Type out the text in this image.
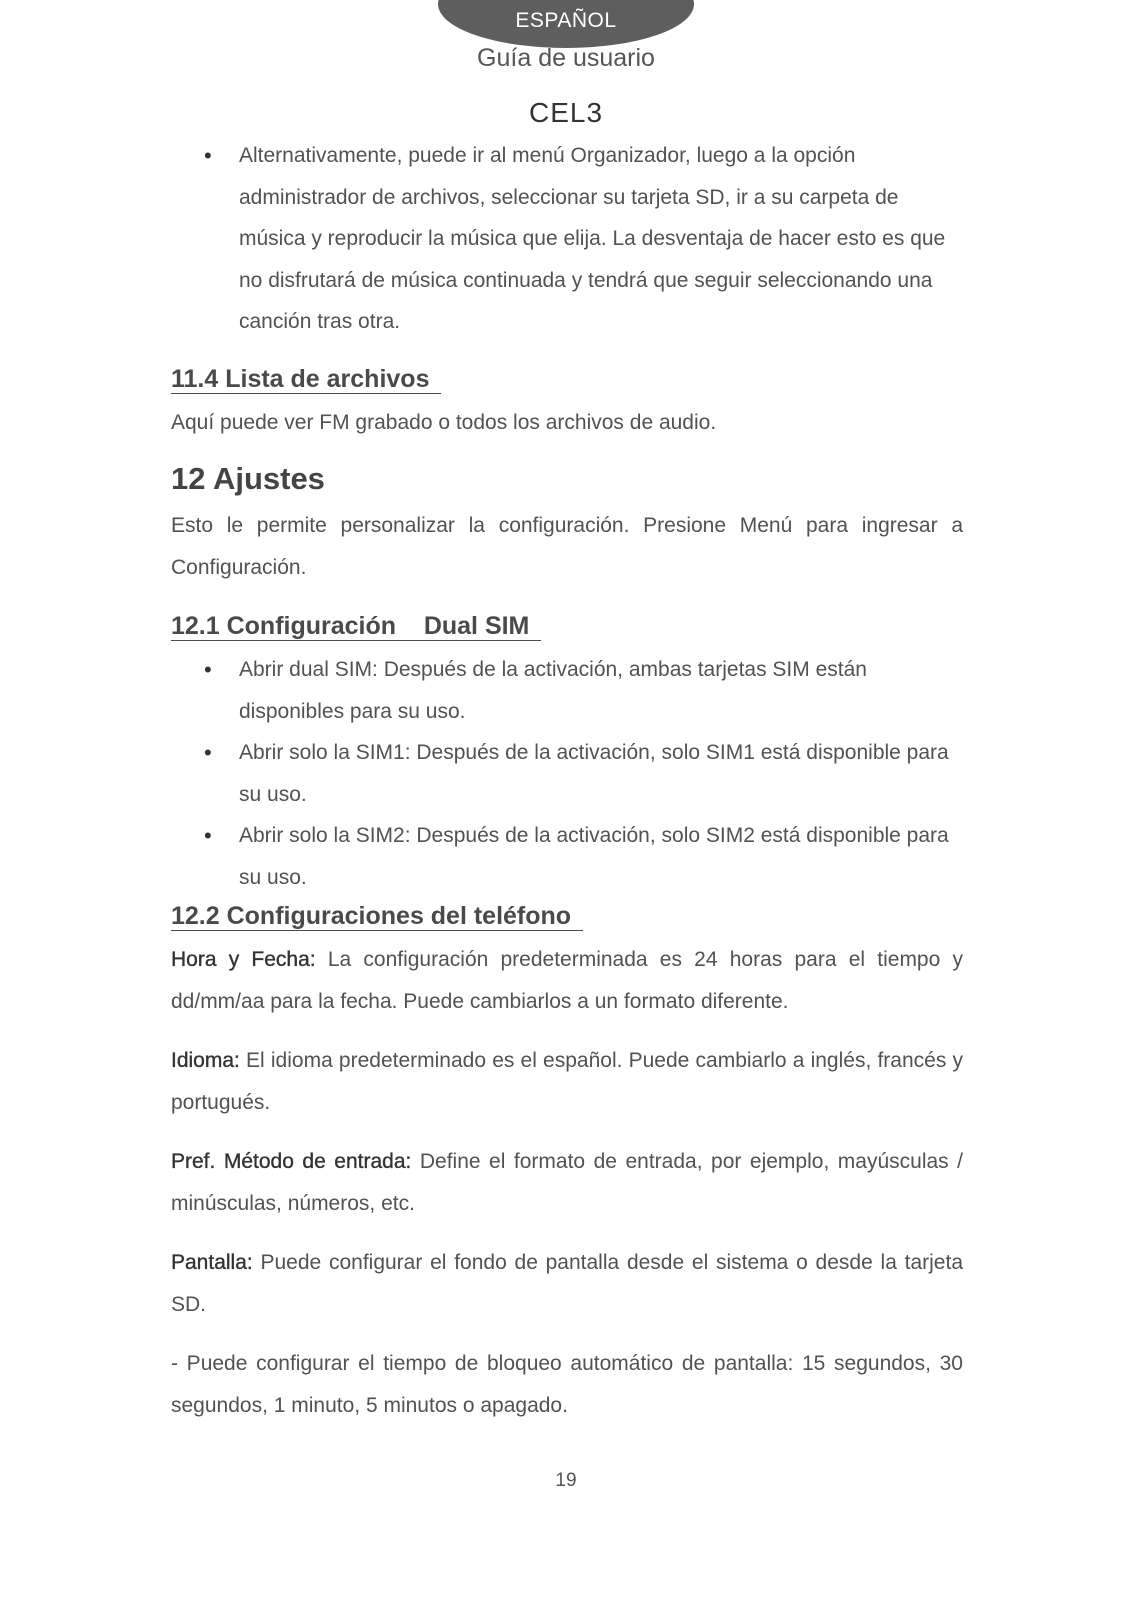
ESPAÑOL
Guía de usuario
CEL3
• Alternativamente, puede ir al menú Organizador, luego a la opción administrador de archivos, seleccionar su tarjeta SD, ir a su carpeta de música y reproducir la música que elija. La desventaja de hacer esto es que no disfrutará de música continuada y tendrá que seguir seleccionando una canción tras otra.
11.4 Lista de archivos

Aquí puede ver FM grabado o todos los archivos de audio.

12 Ajustes

Esto le permite personalizar la configuración. Presione Menú para ingresar a Configuración.

12.1 Configuración    Dual SIM
• Abrir dual SIM: Después de la activación, ambas tarjetas SIM están disponibles para su uso.
• Abrir solo la SIM1: Después de la activación, solo SIM1 está disponible para su uso.
• Abrir solo la SIM2: Después de la activación, solo SIM2 está disponible para su uso.
12.2 Configuraciones del teléfono

Hora y Fecha: La configuración predeterminada es 24 horas para el tiempo y dd/mm/aa para la fecha. Puede cambiarlos a un formato diferente.

Idioma: El idioma predeterminado es el español. Puede cambiarlo a inglés, francés y portugués.

Pref. Método de entrada: Define el formato de entrada, por ejemplo, mayúsculas / minúsculas, números, etc.

Pantalla: Puede configurar el fondo de pantalla desde el sistema o desde la tarjeta SD.

- Puede configurar el tiempo de bloqueo automático de pantalla: 15 segundos, 30 segundos, 1 minuto, 5 minutos o apagado.

19
